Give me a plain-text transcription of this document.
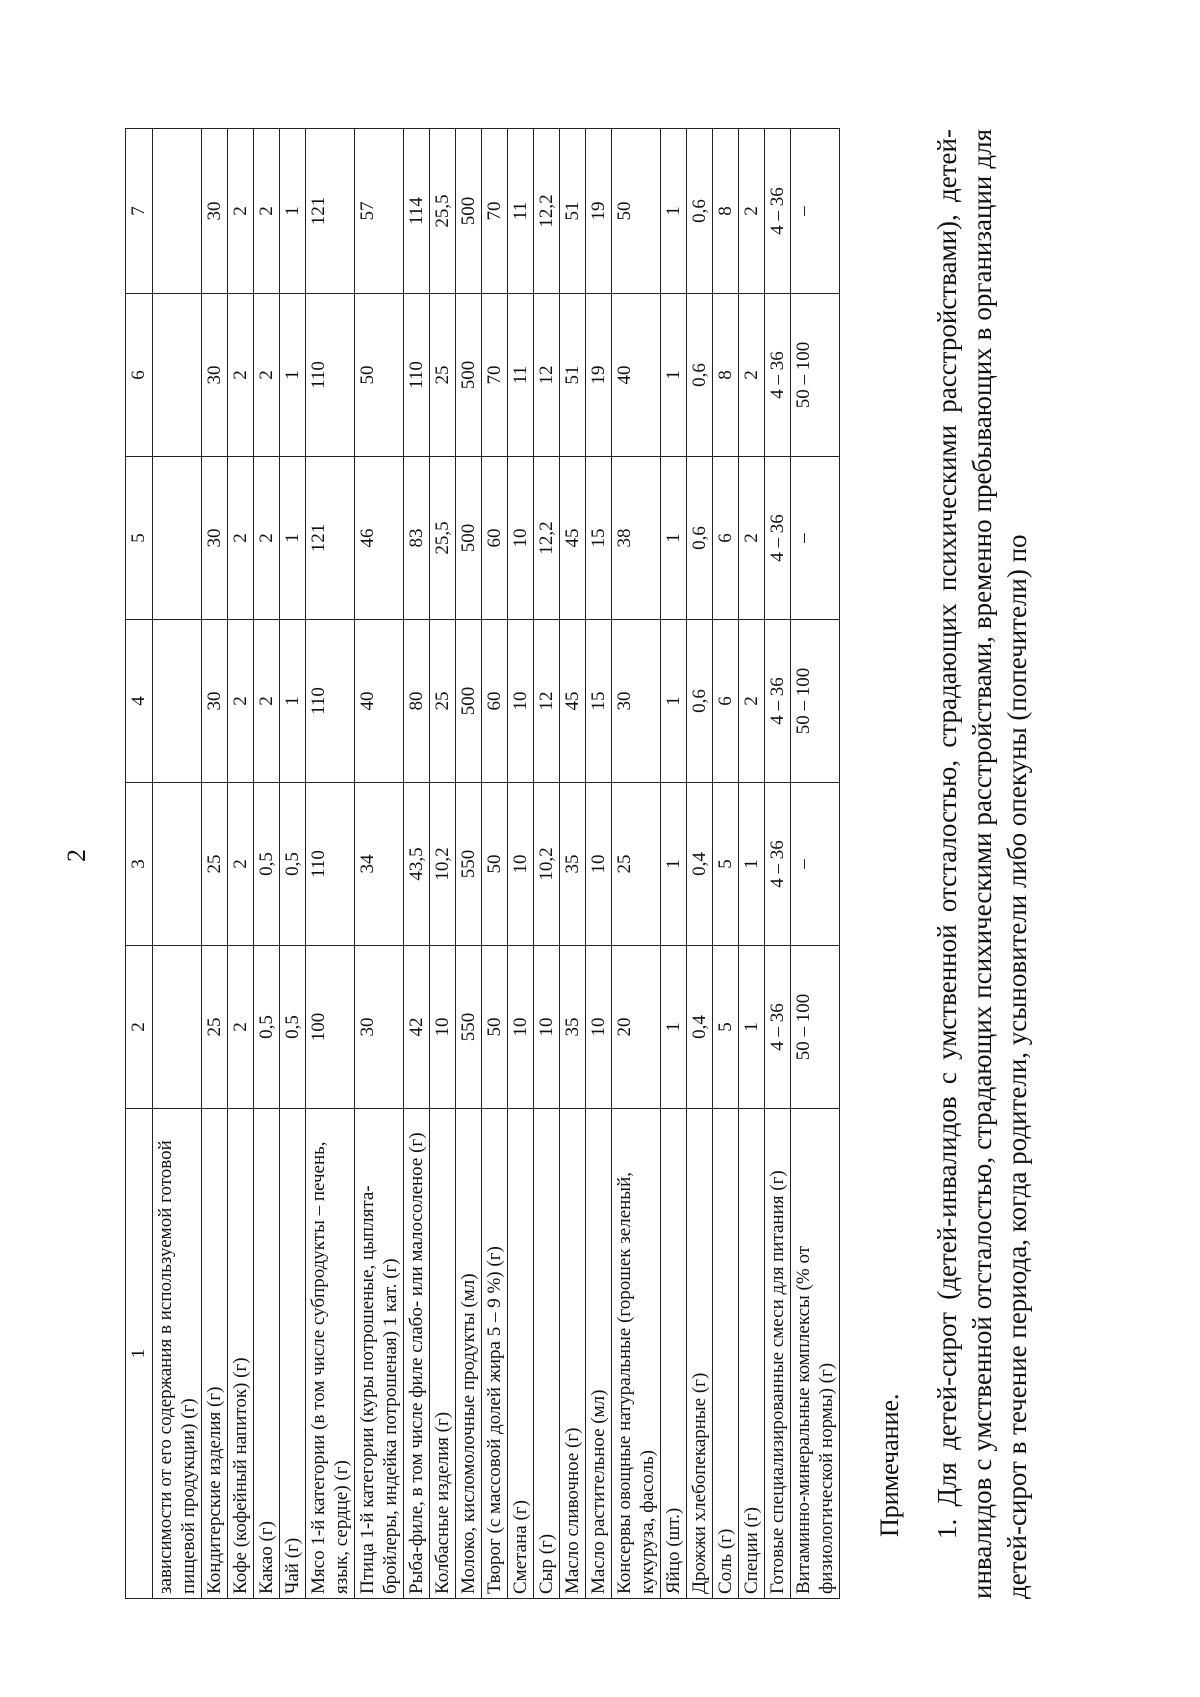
2
1	2	3	4	5	6	7
зависимости от его содержания в используемой готовой пищевой продукции) (г)						
Кондитерские изделия (г)	25	25	30	30	30	30
Кофе (кофейный напиток) (г)	2	2	2	2	2	2
Какао (г)	0,5	0,5	2	2	2	2
Чай (г)	0,5	0,5	1	1	1	1
Мясо 1-й категории (в том числе субпродукты – печень, язык, сердце) (г)	100	110	110	121	110	121
Птица 1-й категории (куры потрошеные, цыплята-бройлеры, индейка потрошеная) 1 кат. (г)	30	34	40	46	50	57
Рыба-филе, в том числе филе слабо- или малосоленое (г)	42	43,5	80	83	110	114
Колбасные изделия (г)	10	10,2	25	25,5	25	25,5
Молоко, кисломолочные продукты (мл)	550	550	500	500	500	500
Творог (с массовой долей жира 5 – 9 %) (г)	50	50	60	60	70	70
Сметана (г)	10	10	10	10	11	11
Сыр (г)	10	10,2	12	12,2	12	12,2
Масло сливочное (г)	35	35	45	45	51	51
Масло растительное (мл)	10	10	15	15	19	19
Консервы овощные натуральные (горошек зеленый, кукуруза, фасоль)	20	25	30	38	40	50
Яйцо (шт.)	1	1	1	1	1	1
Дрожжи хлебопекарные (г)	0,4	0,4	0,6	0,6	0,6	0,6
Соль (г)	5	5	6	6	8	8
Специи (г)	1	1	2	2	2	2
Готовые специализированные смеси для питания (г)	4 – 36	4 – 36	4 – 36	4 – 36	4 – 36	4 – 36
Витаминно-минеральные комплексы (% от физиологической нормы) (г)	50 – 100	–	50 – 100	–	50 – 100	–
Примечание. 1. Для детей-сирот (детей-инвалидов с умственной отсталостью, страдающих психическими расстройствами), детей-инвалидов с умственной отсталостью, страдающих психическими расстройствами, временно пребывающих в организации для детей-сирот в течение периода, когда родители, усыновители либо опекуны (попечители) по
